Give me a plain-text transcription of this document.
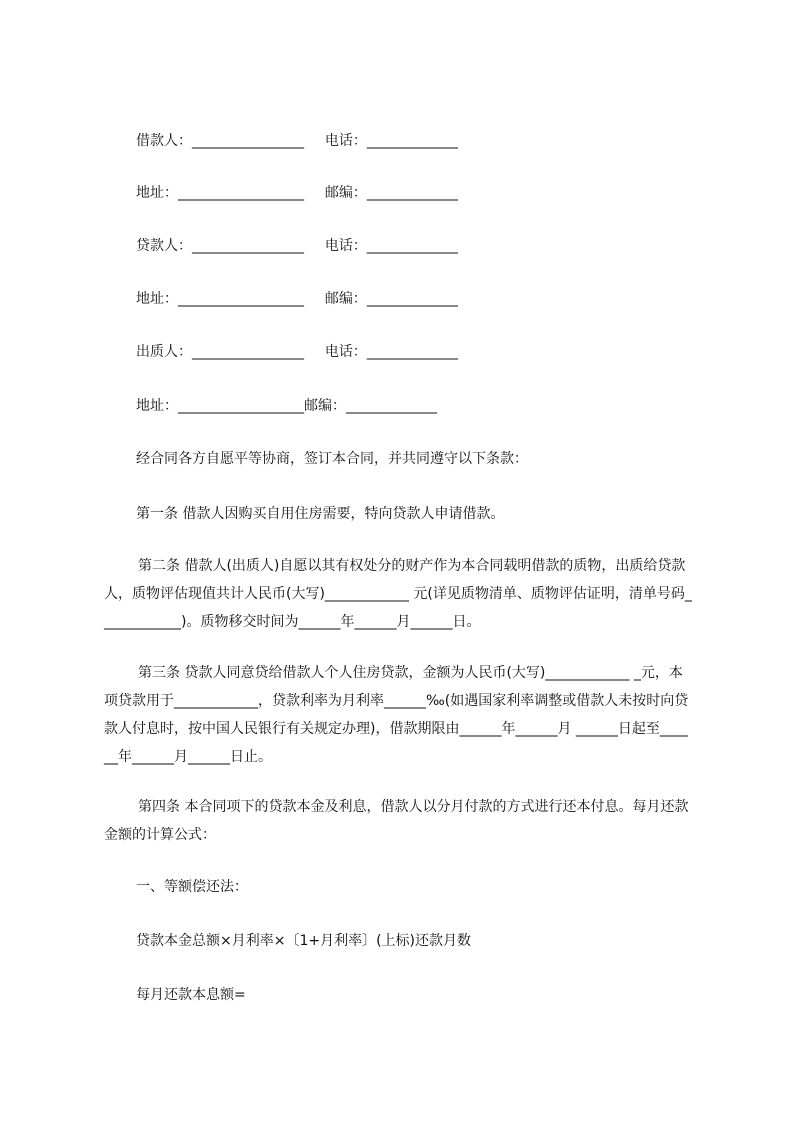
借款人：________________ 电话：_____________
地址：__________________ 邮编：_____________
贷款人：________________ 电话：_____________
地址：__________________ 邮编：_____________
出质人：________________ 电话：_____________
地址：__________________邮编：_____________
经合同各方自愿平等协商，签订本合同，并共同遵守以下条款：
第一条 借款人因购买自用住房需要，特向贷款人申请借款。
第二条 借款人(出质人)自愿以其有权处分的财产作为本合同载明借款的质物，出质给贷款人，质物评估现值共计人民币(大写)____________ 元(详见质物清单、质物评估证明，清单号码____________)。质物移交时间为______年______月______日。
第三条 贷款人同意贷给借款人个人住房贷款，金额为人民币(大写)____________ _元，本项贷款用于____________，贷款利率为月利率______‰(如遇国家利率调整或借款人未按时向贷款人付息时，按中国人民银行有关规定办理)，借款期限由______年______月 ______日起至______年______月______日止。
第四条 本合同项下的贷款本金及利息，借款人以分月付款的方式进行还本付息。每月还款金额的计算公式：
一、等额偿还法：
贷款本金总额×月利率×〔1+月利率〕(上标)还款月数
每月还款本息额=
